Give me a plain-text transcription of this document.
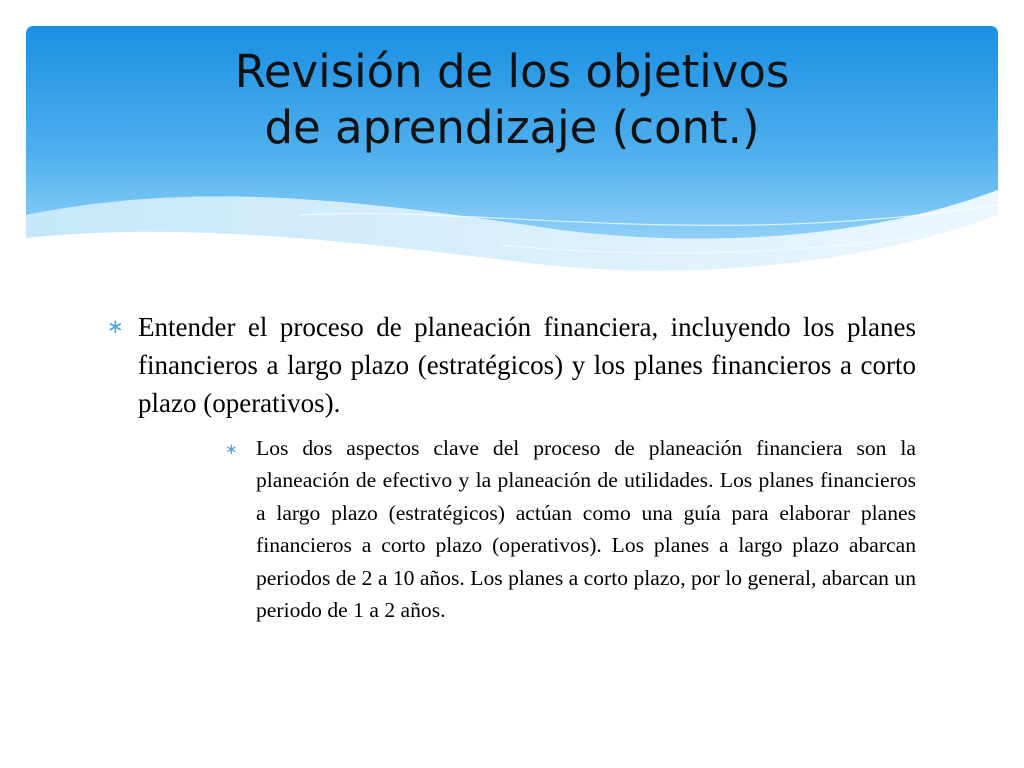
Revisión de los objetivos
de aprendizaje (cont.)
∗ Entender el proceso de planeación financiera, incluyendo los planes financieros a largo plazo (estratégicos) y los planes financieros a corto plazo (operativos).
∗ Los dos aspectos clave del proceso de planeación financiera son la planeación de efectivo y la planeación de utilidades. Los planes financieros a largo plazo (estratégicos) actúan como una guía para elaborar planes financieros a corto plazo (operativos). Los planes a largo plazo abarcan periodos de 2 a 10 años. Los planes a corto plazo, por lo general, abarcan un periodo de 1 a 2 años.
